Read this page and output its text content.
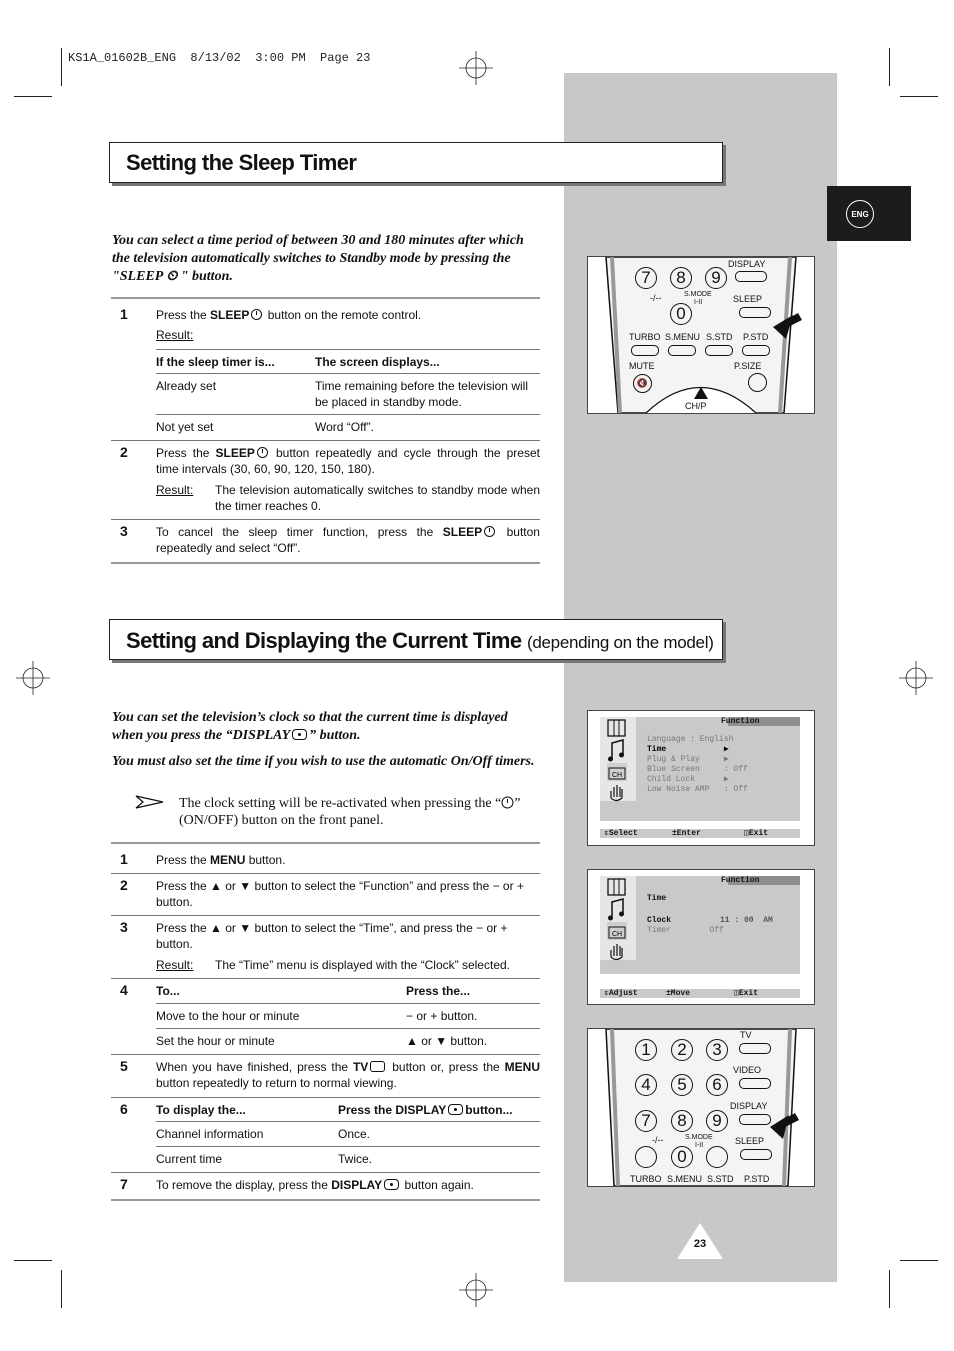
KS1A_01602B_ENG  8/13/02  3:00 PM  Page 23
ENG
Setting the Sleep Timer
You can select a time period of between 30 and 180 minutes after which the television automatically switches to Standby mode by pressing the "SLEEP ⏲ " button.
1 Press the SLEEP button on the remote control.
Result:
If the sleep timer is...	The screen displays...
Already set	Time remaining before the television will be placed in standby mode.
Not yet set	Word “Off”.
2 Press the SLEEP button repeatedly and cycle through the preset time intervals (30, 60, 90, 120, 150, 180).
Result: The television automatically switches to standby mode when the timer reaches 0.
3 To cancel the sleep timer function, press the SLEEP button repeatedly and select “Off”.
Setting and Displaying the Current Time (depending on the model)
You can set the television’s clock so that the current time is displayed when you press the “DISPLAY ” button.
You must also set the time if you wish to use the automatic On/Off timers.
The clock setting will be re-activated when pressing the “ ” (ON/OFF) button on the front panel.
1 Press the MENU button.
2 Press the ▲ or ▼ button to select the “Function” and press the − or + button.
3 Press the ▲ or ▼ button to select the “Time”, and press the − or + button.
Result: The “Time” menu is displayed with the “Clock” selected.
4 To...	Press the...
Move to the hour or minute	− or + button.
Set the hour or minute	▲ or ▼ button.
5 When you have finished, press the TV button or, press the MENU button repeatedly to return to normal viewing.
6 To display the...	Press the DISPLAY button...
Channel information	Once.
Current time	Twice.
7 To remove the display, press the DISPLAY button again.
23
7	8	9
0
DISPLAY
-/--	S.MODE
I-II	SLEEP
TURBO S.MENU S.STD P.STD
MUTE
🔇
P.SIZE
CH/P
CH
Function
Language : English
Time            ▶
Plug & Play     ▶
Blue Screen     : Off
Child Lock      ▶
Low Noise AMP   : Off
⇕Select	±Enter	◫Exit
CH
Function
Time
Clock	11 : 00  AM
Timer        Off
⇕Adjust	±Move	◫Exit
1	2	3
4	5	6
7	8	9
0
TV
VIDEO
DISPLAY
-/--	S.MODE
I-II	SLEEP
TURBO S.MENU S.STD P.STD
